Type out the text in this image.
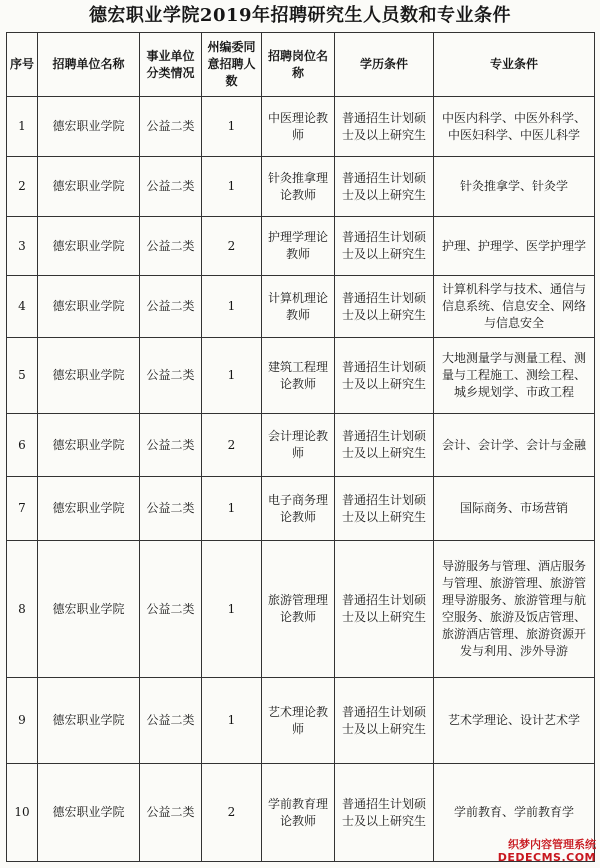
德宏职业学院2019年招聘研究生人员数和专业条件
序号	招聘单位名称	事业单位分类情况	州编委同意招聘人数	招聘岗位名称	学历条件	专业条件
1	德宏职业学院	公益二类	1	中医理论教师	普通招生计划硕士及以上研究生	中医内科学、中医外科学、中医妇科学、中医儿科学
2	德宏职业学院	公益二类	1	针灸推拿理论教师	普通招生计划硕士及以上研究生	针灸推拿学、针灸学
3	德宏职业学院	公益二类	2	护理学理论教师	普通招生计划硕士及以上研究生	护理、护理学、医学护理学
4	德宏职业学院	公益二类	1	计算机理论教师	普通招生计划硕士及以上研究生	计算机科学与技术、通信与信息系统、信息安全、网络与信息安全
5	德宏职业学院	公益二类	1	建筑工程理论教师	普通招生计划硕士及以上研究生	大地测量学与测量工程、测量与工程施工、测绘工程、城乡规划学、市政工程
6	德宏职业学院	公益二类	2	会计理论教师	普通招生计划硕士及以上研究生	会计、会计学、会计与金融
7	德宏职业学院	公益二类	1	电子商务理论教师	普通招生计划硕士及以上研究生	国际商务、市场营销
8	德宏职业学院	公益二类	1	旅游管理理论教师	普通招生计划硕士及以上研究生	导游服务与管理、酒店服务与管理、旅游管理、旅游管理导游服务、旅游管理与航空服务、旅游及饭店管理、旅游酒店管理、旅游资源开发与利用、涉外导游
9	德宏职业学院	公益二类	1	艺术理论教师	普通招生计划硕士及以上研究生	艺术学理论、设计艺术学
10	德宏职业学院	公益二类	2	学前教育理论教师	普通招生计划硕士及以上研究生	学前教育、学前教育学
织梦内容管理系统
DEDECMS.COM
